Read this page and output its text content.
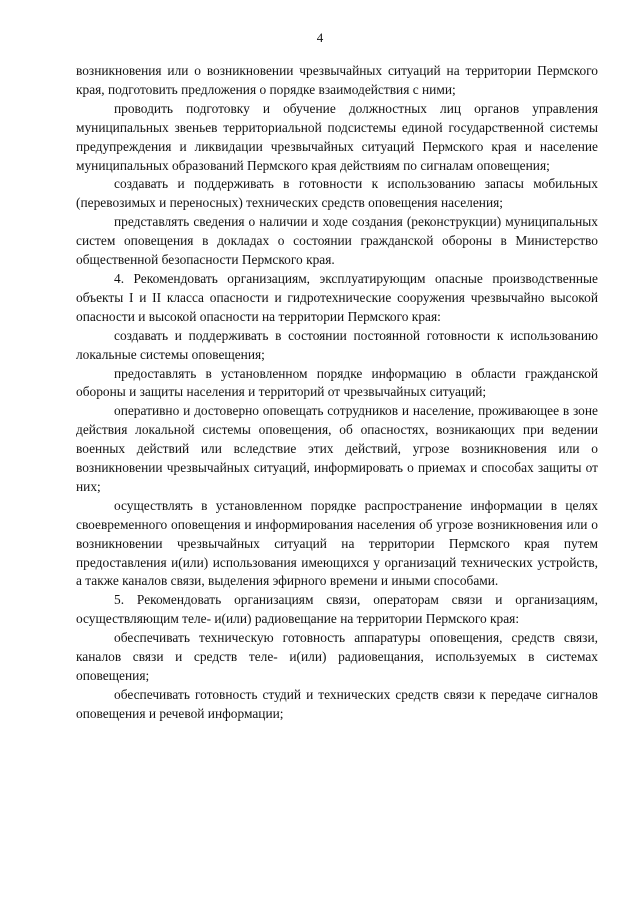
4

возникновения или о возникновении чрезвычайных ситуаций на территории Пермского края, подготовить предложения о порядке взаимодействия с ними;

проводить подготовку и обучение должностных лиц органов управления муниципальных звеньев территориальной подсистемы единой государственной системы предупреждения и ликвидации чрезвычайных ситуаций Пермского края и население муниципальных образований Пермского края действиям по сигналам оповещения;

создавать и поддерживать в готовности к использованию запасы мобильных (перевозимых и переносных) технических средств оповещения населения;

представлять сведения о наличии и ходе создания (реконструкции) муниципальных систем оповещения в докладах о состоянии гражданской обороны в Министерство общественной безопасности Пермского края.

4. Рекомендовать организациям, эксплуатирующим опасные производственные объекты I и II класса опасности и гидротехнические сооружения чрезвычайно высокой опасности и высокой опасности на территории Пермского края:

создавать и поддерживать в состоянии постоянной готовности к использованию локальные системы оповещения;

предоставлять в установленном порядке информацию в области гражданской обороны и защиты населения и территорий от чрезвычайных ситуаций;

оперативно и достоверно оповещать сотрудников и население, проживающее в зоне действия локальной системы оповещения, об опасностях, возникающих при ведении военных действий или вследствие этих действий, угрозе возникновения или о возникновении чрезвычайных ситуаций, информировать о приемах и способах защиты от них;

осуществлять в установленном порядке распространение информации в целях своевременного оповещения и информирования населения об угрозе возникновения или о возникновении чрезвычайных ситуаций на территории Пермского края путем предоставления и(или) использования имеющихся у организаций технических устройств, а также каналов связи, выделения эфирного времени и иными способами.

5. Рекомендовать организациям связи, операторам связи и организациям, осуществляющим теле- и(или) радиовещание на территории Пермского края:

обеспечивать техническую готовность аппаратуры оповещения, средств связи, каналов связи и средств теле- и(или) радиовещания, используемых в системах оповещения;

обеспечивать готовность студий и технических средств связи к передаче сигналов оповещения и речевой информации;
